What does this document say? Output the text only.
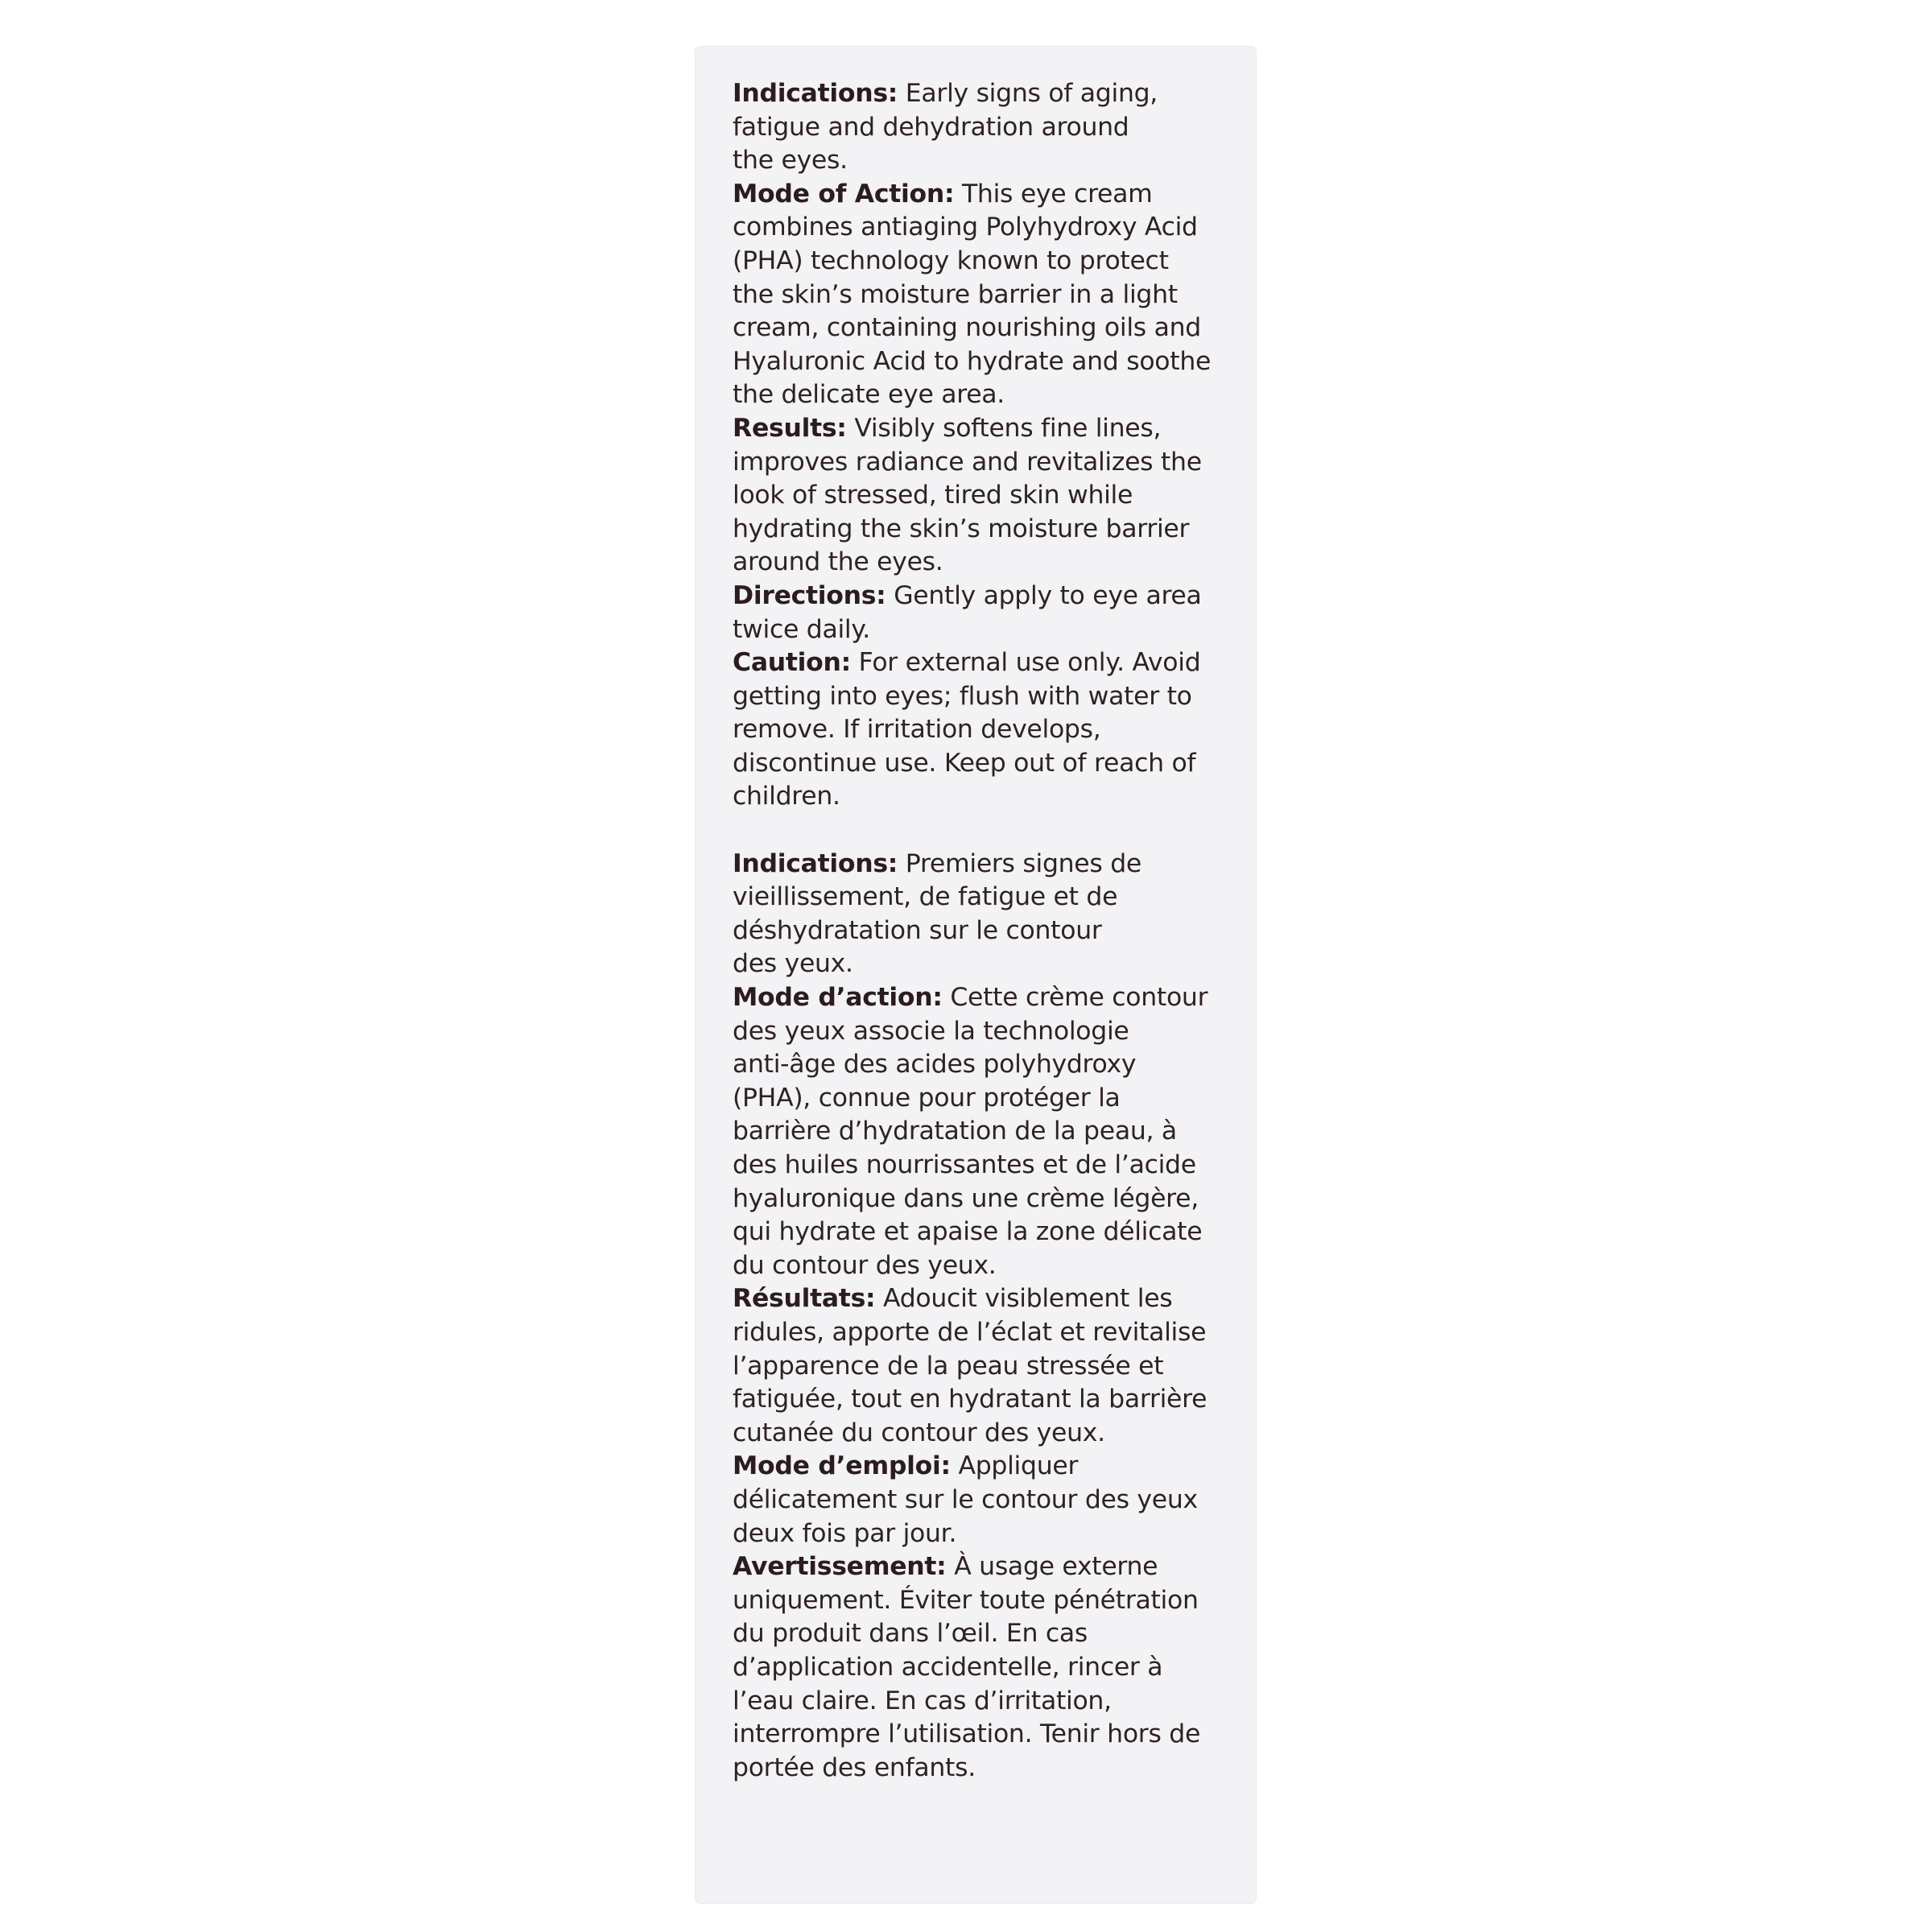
Indications: Early signs of aging,
fatigue and dehydration around
the eyes.

Mode of Action: This eye cream
combines antiaging Polyhydroxy Acid
(PHA) technology known to protect
the skin’s moisture barrier in a light
cream, containing nourishing oils and
Hyaluronic Acid to hydrate and soothe
the delicate eye area.

Results: Visibly softens fine lines,
improves radiance and revitalizes the
look of stressed, tired skin while
hydrating the skin’s moisture barrier
around the eyes.

Directions: Gently apply to eye area
twice daily.

Caution: For external use only. Avoid
getting into eyes; flush with water to
remove. If irritation develops,
discontinue use. Keep out of reach of
children.

Indications: Premiers signes de
vieillissement, de fatigue et de
déshydratation sur le contour
des yeux.

Mode d’action: Cette crème contour
des yeux associe la technologie
anti-âge des acides polyhydroxy
(PHA), connue pour protéger la
barrière d’hydratation de la peau, à
des huiles nourrissantes et de l’acide
hyaluronique dans une crème légère,
qui hydrate et apaise la zone délicate
du contour des yeux.

Résultats: Adoucit visiblement les
ridules, apporte de l’éclat et revitalise
l’apparence de la peau stressée et
fatiguée, tout en hydratant la barrière
cutanée du contour des yeux.

Mode d’emploi: Appliquer
délicatement sur le contour des yeux
deux fois par jour.

Avertissement: À usage externe
uniquement. Éviter toute pénétration
du produit dans l’œil. En cas
d’application accidentelle, rincer à
l’eau claire. En cas d’irritation,
interrompre l’utilisation. Tenir hors de
portée des enfants.
